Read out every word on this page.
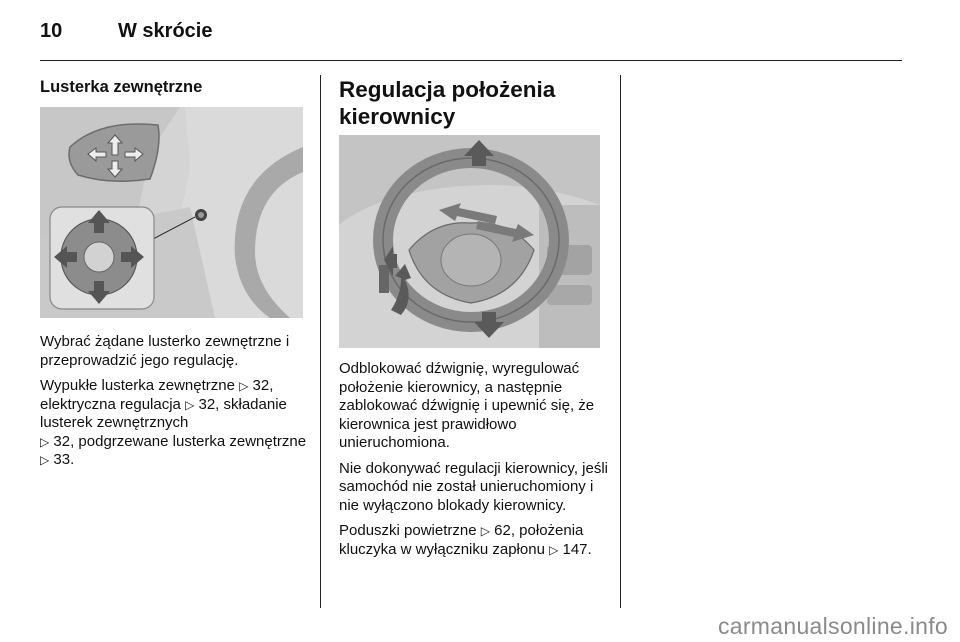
10	W skrócie
Lusterka zewnętrzne

Wybrać żądane lusterko zewnętrzne i przeprowadzić jego regulację.

Wypukłe lusterka zewnętrzne ▷ 32, elektryczna regulacja ▷ 32, składanie lusterek zewnętrznych
▷ 32, podgrzewane lusterka zewnętrzne ▷ 33.

Regulacja położenia kierownicy

Odblokować dźwignię, wyregulować położenie kierownicy, a następnie zablokować dźwignię i upewnić się, że kierownica jest prawidłowo unieruchomiona.

Nie dokonywać regulacji kierownicy, jeśli samochód nie został unieruchomiony i nie wyłączono blokady kierownicy.

Poduszki powietrzne ▷ 62, położenia kluczyka w wyłączniku zapłonu ▷ 147.

carmanualsonline.info
